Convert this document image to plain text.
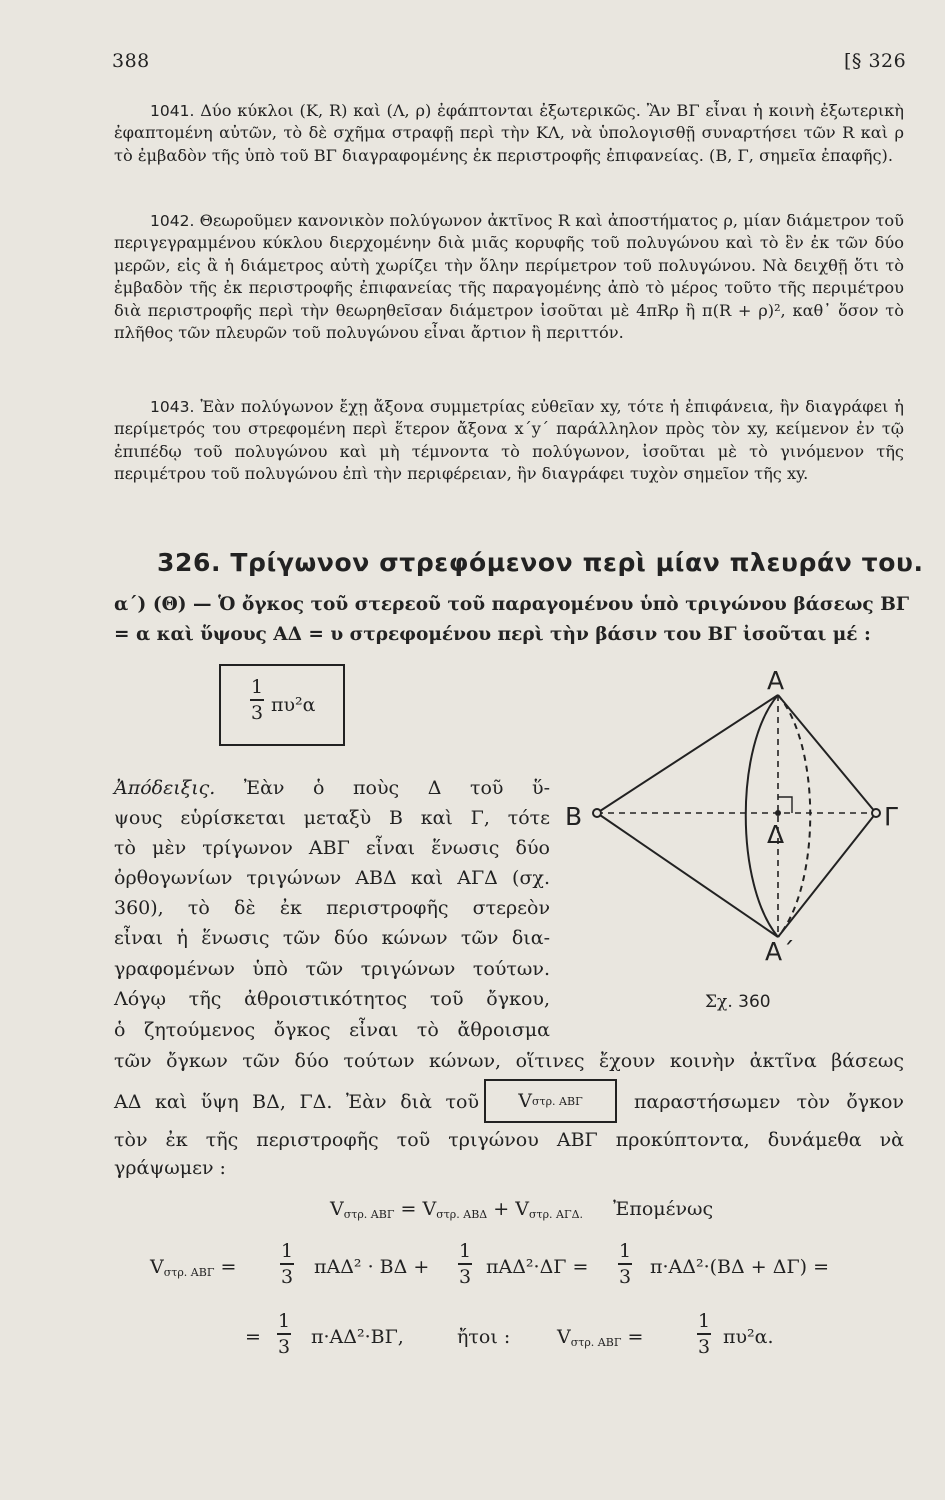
388	[§ 326
1041. Δύο κύκλοι (Κ, R) καὶ (Λ, ρ) ἐφάπτονται ἐξωτερικῶς. Ἂν ΒΓ εἶναι ἡ κοινὴ ἐξωτερικὴ ἐφαπτομένη αὐτῶν, τὸ δὲ σχῆμα στραφῇ περὶ τὴν ΚΛ, νὰ ὑπολογισθῇ συναρτήσει τῶν R καὶ ρ τὸ ἐμβαδὸν τῆς ὑπὸ τοῦ ΒΓ διαγραφομένης ἐκ περιστροφῆς ἐπιφανείας. (Β, Γ, σημεῖα ἐπαφῆς).
1042. Θεωροῦμεν κανονικὸν πολύγωνον ἀκτῖνος R καὶ ἀποστήματος ρ, μίαν διάμετρον τοῦ περιγεγραμμένου κύκλου διερχομένην διὰ μιᾶς κορυφῆς τοῦ πολυγώνου καὶ τὸ ἓν ἐκ τῶν δύο μερῶν, εἰς ἃ ἡ διάμετρος αὐτὴ χωρίζει τὴν ὅλην περίμετρον τοῦ πολυγώνου. Νὰ δειχθῇ ὅτι τὸ ἐμβαδὸν τῆς ἐκ περιστροφῆς ἐπιφανείας τῆς παραγομένης ἀπὸ τὸ μέρος τοῦτο τῆς περιμέτρου διὰ περιστροφῆς περὶ τὴν θεωρηθεῖσαν διάμετρον ἰσοῦται μὲ 4πRρ ἢ π(R + ρ)², καθ᾽ ὅσον τὸ πλῆθος τῶν πλευρῶν τοῦ πολυγώνου εἶναι ἄρτιον ἢ περιττόν.
1043. Ἐὰν πολύγωνον ἔχῃ ἄξονα συμμετρίας εὐθεῖαν xy, τότε ἡ ἐπιφάνεια, ἣν διαγράφει ἡ περίμετρός του στρεφομένη περὶ ἕτερον ἄξονα x΄y΄ παράλληλον πρὸς τὸν xy, κείμενον ἐν τῷ ἐπιπέδῳ τοῦ πολυγώνου καὶ μὴ τέμνοντα τὸ πολύγωνον, ἰσοῦται μὲ τὸ γινόμενον τῆς περιμέτρου τοῦ πολυγώνου ἐπὶ τὴν περιφέρειαν, ἣν διαγράφει τυχὸν σημεῖον τῆς xy.
326. Τρίγωνον στρεφόμενον περὶ μίαν πλευράν του.
α΄) (Θ) — Ὁ ὄγκος τοῦ στερεοῦ τοῦ παραγομένου ὑπὸ τριγώνου βάσεως ΒΓ = α καὶ ὕψους ΑΔ = υ στρεφομένου περὶ τὴν βάσιν του ΒΓ ἰσοῦται μέ :
1
3 πυ²α
Ἀπόδειξις. Ἐὰν ὁ ποὺς Δ τοῦ ὕ-
ψους εὑρίσκεται μεταξὺ Β καὶ Γ, τότε
τὸ μὲν τρίγωνον ΑΒΓ εἶναι ἕνωσις δύο
ὀρθογωνίων τριγώνων ΑΒΔ καὶ ΑΓΔ (σχ.
360), τὸ δὲ ἐκ περιστροφῆς στερεὸν
εἶναι ἡ ἕνωσις τῶν δύο κώνων τῶν δια-
γραφομένων ὑπὸ τῶν τριγώνων τούτων.
Λόγῳ τῆς ἀθροιστικότητος τοῦ ὄγκου,
ὁ ζητούμενος ὄγκος εἶναι τὸ ἄθροισμα
τῶν ὄγκων τῶν δύο τούτων κώνων, οἵτινες ἔχουν κοινὴν ἀκτῖνα βάσεως
ΑΔ καὶ ὕψη ΒΔ, ΓΔ. Ἐὰν διὰ τοῦ V στρ. ΑΒΓ	παραστήσωμεν τὸν ὄγκον
τὸν ἐκ τῆς περιστροφῆς τοῦ τριγώνου ΑΒΓ προκύπτοντα, δυνάμεθα νὰ
γράψωμεν :
$V_{\sigma\tau\rho. AB\Gamma} = V_{\sigma\tau\rho. AB\Delta} + V_{\sigma\tau\rho. A\Gamma\Delta.}$ Ἐπομένως
$V_{\sigma\tau\rho. AB\Gamma}$ =
1
3 πΑΔ² · ΒΔ +
1
3 πΑΔ²·ΔΓ =
1
3 π·ΑΔ²·(ΒΔ + ΔΓ) =
=
1
3 π·ΑΔ²·ΒΓ,	ἤτοι : $V_{\sigma\tau\rho. AB\Gamma}$ =
1
3 πυ²α.
Α
Α΄
Β	Γ
Δ
Σχ. 360
